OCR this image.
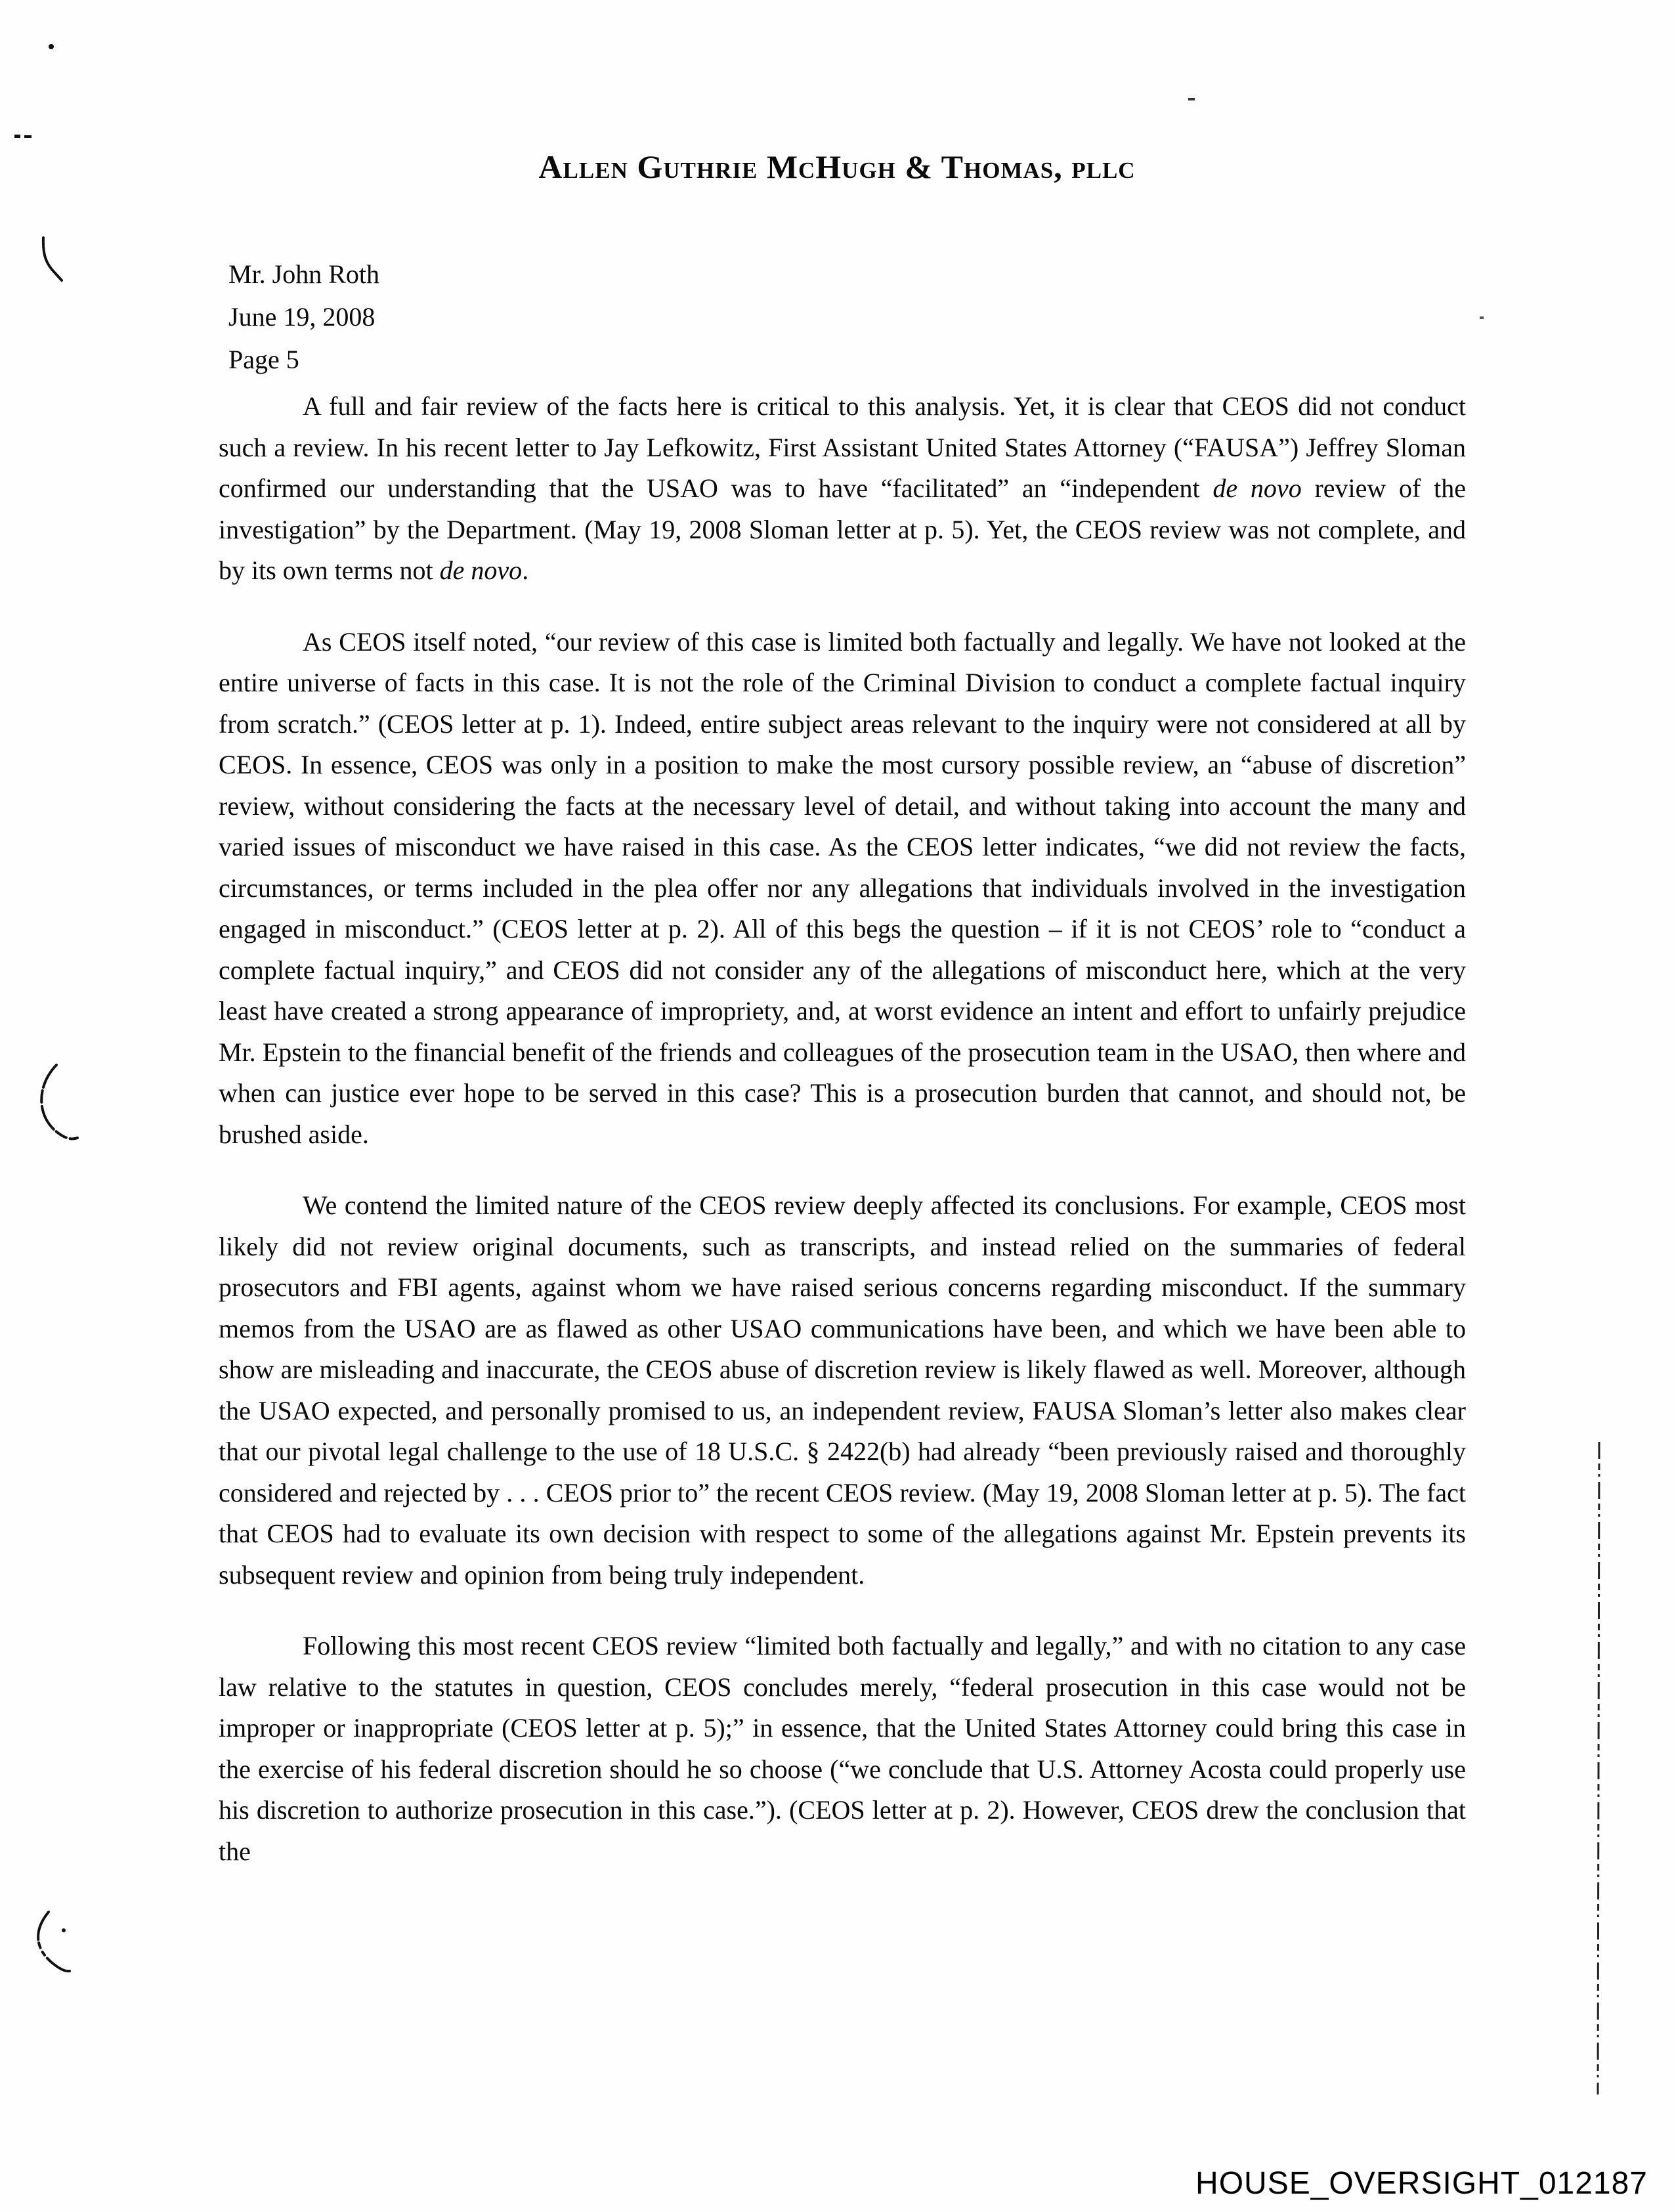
Allen Guthrie McHugh & Thomas, pllc
Mr. John Roth
June 19, 2008
Page 5

A full and fair review of the facts here is critical to this analysis. Yet, it is clear that CEOS did not conduct such a review. In his recent letter to Jay Lefkowitz, First Assistant United States Attorney (“FAUSA”) Jeffrey Sloman confirmed our understanding that the USAO was to have “facilitated” an “independent de novo review of the investigation” by the Department. (May 19, 2008 Sloman letter at p. 5). Yet, the CEOS review was not complete, and by its own terms not de novo.

As CEOS itself noted, “our review of this case is limited both factually and legally. We have not looked at the entire universe of facts in this case. It is not the role of the Criminal Division to conduct a complete factual inquiry from scratch.” (CEOS letter at p. 1). Indeed, entire subject areas relevant to the inquiry were not considered at all by CEOS. In essence, CEOS was only in a position to make the most cursory possible review, an “abuse of discretion” review, without considering the facts at the necessary level of detail, and without taking into account the many and varied issues of misconduct we have raised in this case. As the CEOS letter indicates, “we did not review the facts, circumstances, or terms included in the plea offer nor any allegations that individuals involved in the investigation engaged in misconduct.” (CEOS letter at p. 2). All of this begs the question – if it is not CEOS’ role to “conduct a complete factual inquiry,” and CEOS did not consider any of the allegations of misconduct here, which at the very least have created a strong appearance of impropriety, and, at worst evidence an intent and effort to unfairly prejudice Mr. Epstein to the financial benefit of the friends and colleagues of the prosecution team in the USAO, then where and when can justice ever hope to be served in this case? This is a prosecution burden that cannot, and should not, be brushed aside.

We contend the limited nature of the CEOS review deeply affected its conclusions. For example, CEOS most likely did not review original documents, such as transcripts, and instead relied on the summaries of federal prosecutors and FBI agents, against whom we have raised serious concerns regarding misconduct. If the summary memos from the USAO are as flawed as other USAO communications have been, and which we have been able to show are misleading and inaccurate, the CEOS abuse of discretion review is likely flawed as well. Moreover, although the USAO expected, and personally promised to us, an independent review, FAUSA Sloman’s letter also makes clear that our pivotal legal challenge to the use of 18 U.S.C. § 2422(b) had already “been previously raised and thoroughly considered and rejected by . . . CEOS prior to” the recent CEOS review. (May 19, 2008 Sloman letter at p. 5). The fact that CEOS had to evaluate its own decision with respect to some of the allegations against Mr. Epstein prevents its subsequent review and opinion from being truly independent.

Following this most recent CEOS review “limited both factually and legally,” and with no citation to any case law relative to the statutes in question, CEOS concludes merely, “federal prosecution in this case would not be improper or inappropriate (CEOS letter at p. 5);” in essence, that the United States Attorney could bring this case in the exercise of his federal discretion should he so choose (“we conclude that U.S. Attorney Acosta could properly use his discretion to authorize prosecution in this case.”). (CEOS letter at p. 2). However, CEOS drew the conclusion that the

HOUSE_OVERSIGHT_012187
